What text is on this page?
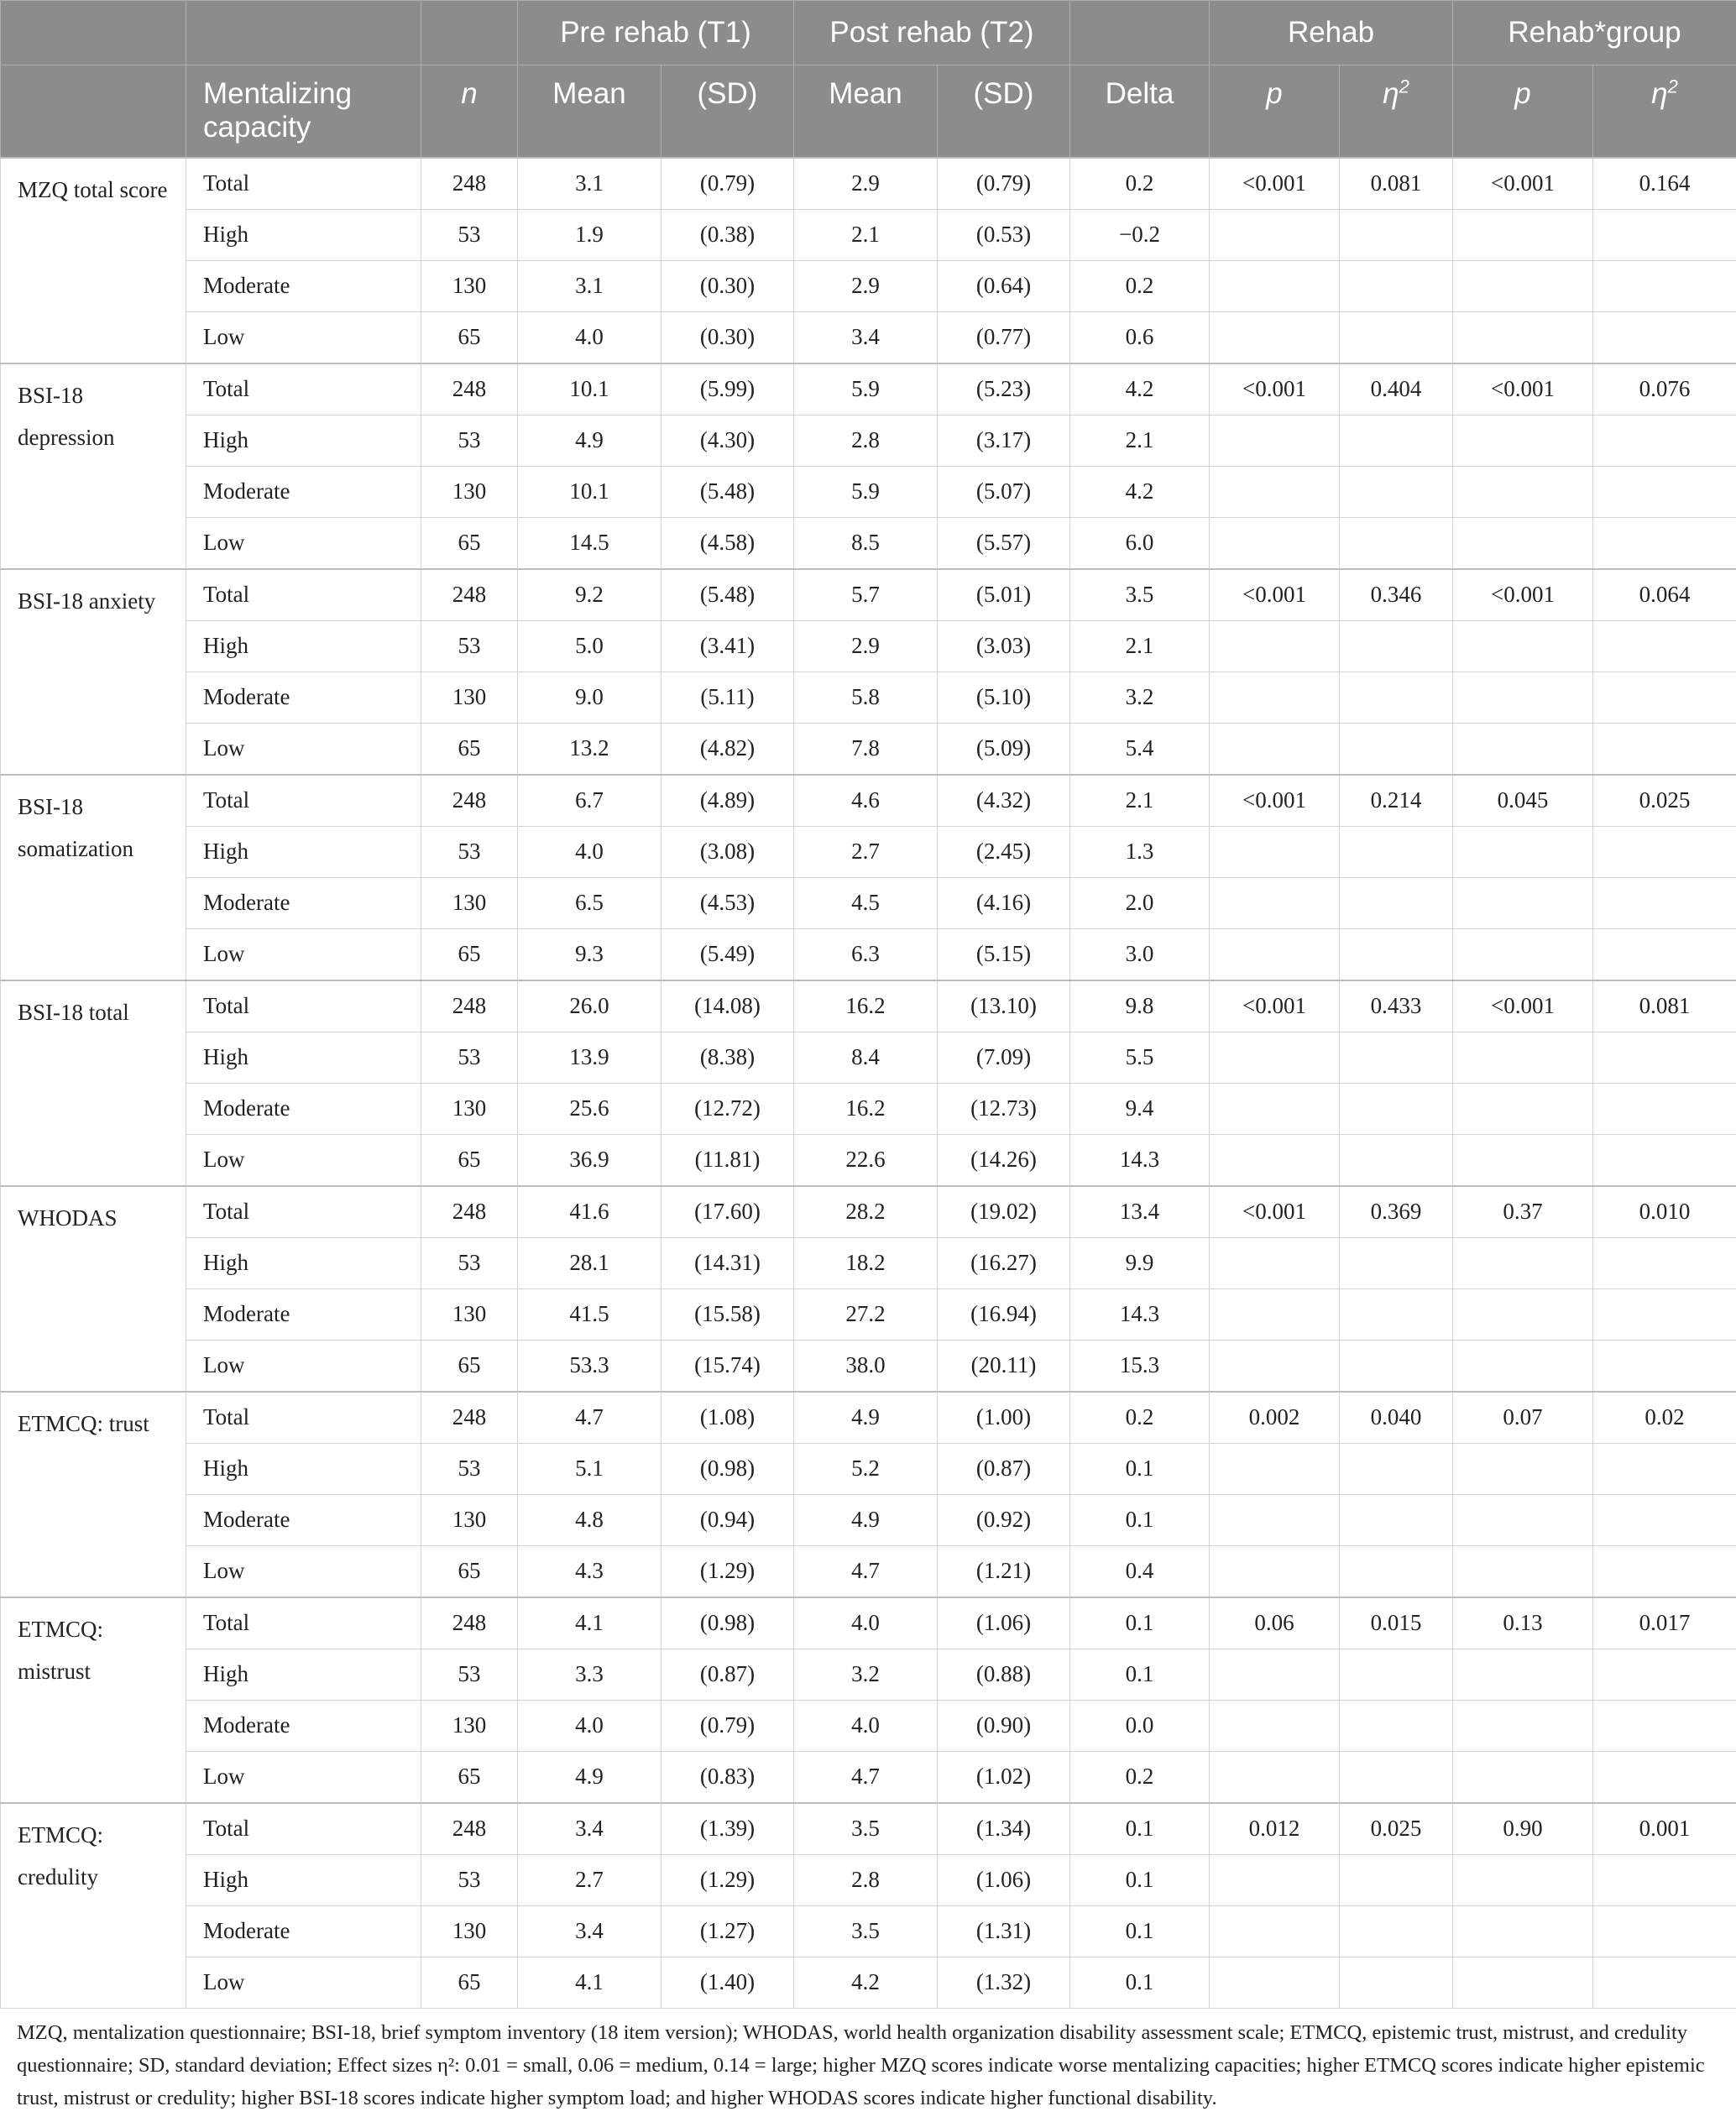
			Pre rehab (T1)		Post rehab (T2)			Rehab		Rehab*group	
	Mentalizing capacity	n	Mean	(SD)	Mean	(SD)	Delta	p	$\eta^2$	p	$\eta^2$
MZQ total score	Total	248	3.1	(0.79)	2.9	(0.79)	0.2	<0.001	0.081	<0.001	0.164
	High	53	1.9	(0.38)	2.1	(0.53)	−0.2				
	Moderate	130	3.1	(0.30)	2.9	(0.64)	0.2				
	Low	65	4.0	(0.30)	3.4	(0.77)	0.6				
BSI-18 depression	Total	248	10.1	(5.99)	5.9	(5.23)	4.2	<0.001	0.404	<0.001	0.076
	High	53	4.9	(4.30)	2.8	(3.17)	2.1				
	Moderate	130	10.1	(5.48)	5.9	(5.07)	4.2				
	Low	65	14.5	(4.58)	8.5	(5.57)	6.0				
BSI-18 anxiety	Total	248	9.2	(5.48)	5.7	(5.01)	3.5	<0.001	0.346	<0.001	0.064
	High	53	5.0	(3.41)	2.9	(3.03)	2.1				
	Moderate	130	9.0	(5.11)	5.8	(5.10)	3.2				
	Low	65	13.2	(4.82)	7.8	(5.09)	5.4				
BSI-18 somatization	Total	248	6.7	(4.89)	4.6	(4.32)	2.1	<0.001	0.214	0.045	0.025
	High	53	4.0	(3.08)	2.7	(2.45)	1.3				
	Moderate	130	6.5	(4.53)	4.5	(4.16)	2.0				
	Low	65	9.3	(5.49)	6.3	(5.15)	3.0				
BSI-18 total	Total	248	26.0	(14.08)	16.2	(13.10)	9.8	<0.001	0.433	<0.001	0.081
	High	53	13.9	(8.38)	8.4	(7.09)	5.5				
	Moderate	130	25.6	(12.72)	16.2	(12.73)	9.4				
	Low	65	36.9	(11.81)	22.6	(14.26)	14.3				
WHODAS	Total	248	41.6	(17.60)	28.2	(19.02)	13.4	<0.001	0.369	0.37	0.010
	High	53	28.1	(14.31)	18.2	(16.27)	9.9				
	Moderate	130	41.5	(15.58)	27.2	(16.94)	14.3				
	Low	65	53.3	(15.74)	38.0	(20.11)	15.3				
ETMCQ: trust	Total	248	4.7	(1.08)	4.9	(1.00)	0.2	0.002	0.040	0.07	0.02
	High	53	5.1	(0.98)	5.2	(0.87)	0.1				
	Moderate	130	4.8	(0.94)	4.9	(0.92)	0.1				
	Low	65	4.3	(1.29)	4.7	(1.21)	0.4				
ETMCQ: mistrust	Total	248	4.1	(0.98)	4.0	(1.06)	0.1	0.06	0.015	0.13	0.017
	High	53	3.3	(0.87)	3.2	(0.88)	0.1				
	Moderate	130	4.0	(0.79)	4.0	(0.90)	0.0				
	Low	65	4.9	(0.83)	4.7	(1.02)	0.2				
ETMCQ: credulity	Total	248	3.4	(1.39)	3.5	(1.34)	0.1	0.012	0.025	0.90	0.001
	High	53	2.7	(1.29)	2.8	(1.06)	0.1				
	Moderate	130	3.4	(1.27)	3.5	(1.31)	0.1				
	Low	65	4.1	(1.40)	4.2	(1.32)	0.1				
MZQ, mentalization questionnaire; BSI-18, brief symptom inventory (18 item version); WHODAS, world health organization disability assessment scale; ETMCQ, epistemic trust, mistrust, and credulity questionnaire; SD, standard deviation; Effect sizes η²: 0.01 = small, 0.06 = medium, 0.14 = large; higher MZQ scores indicate worse mentalizing capacities; higher ETMCQ scores indicate higher epistemic trust, mistrust or credulity; higher BSI-18 scores indicate higher symptom load; and higher WHODAS scores indicate higher functional disability.
